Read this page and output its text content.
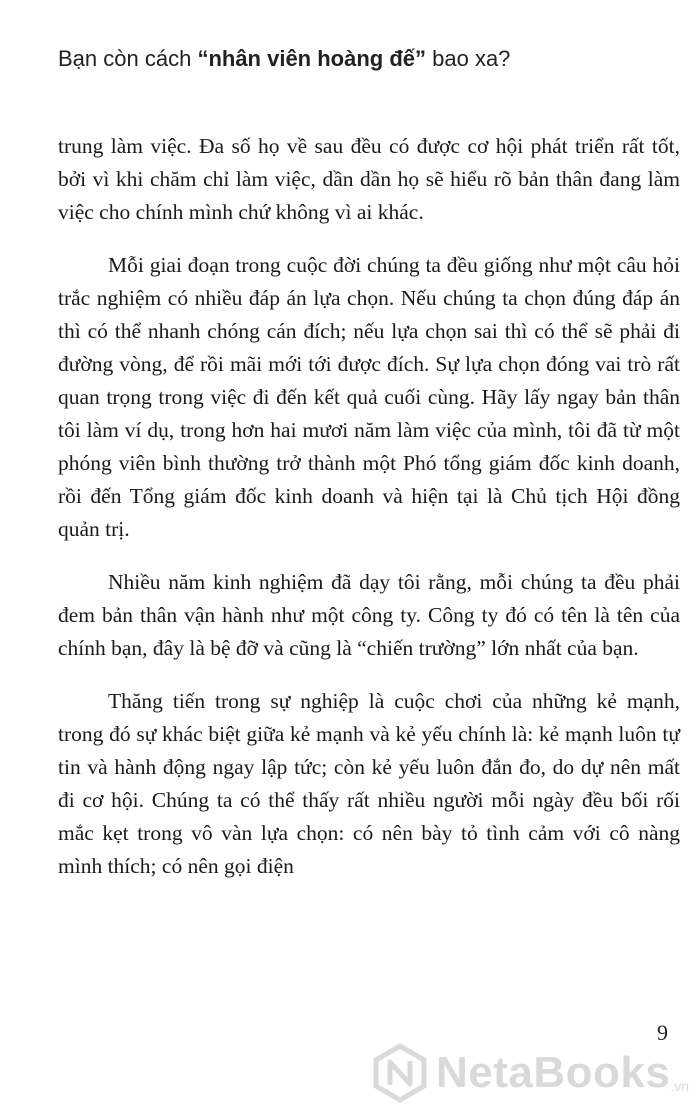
Bạn còn cách “nhân viên hoàng đế” bao xa?

trung làm việc. Đa số họ về sau đều có được cơ hội phát triển rất tốt, bởi vì khi chăm chỉ làm việc, dần dần họ sẽ hiểu rõ bản thân đang làm việc cho chính mình chứ không vì ai khác.

Mỗi giai đoạn trong cuộc đời chúng ta đều giống như một câu hỏi trắc nghiệm có nhiều đáp án lựa chọn. Nếu chúng ta chọn đúng đáp án thì có thể nhanh chóng cán đích; nếu lựa chọn sai thì có thể sẽ phải đi đường vòng, để rồi mãi mới tới được đích. Sự lựa chọn đóng vai trò rất quan trọng trong việc đi đến kết quả cuối cùng. Hãy lấy ngay bản thân tôi làm ví dụ, trong hơn hai mươi năm làm việc của mình, tôi đã từ một phóng viên bình thường trở thành một Phó tổng giám đốc kinh doanh, rồi đến Tổng giám đốc kinh doanh và hiện tại là Chủ tịch Hội đồng quản trị.

Nhiều năm kinh nghiệm đã dạy tôi rằng, mỗi chúng ta đều phải đem bản thân vận hành như một công ty. Công ty đó có tên là tên của chính bạn, đây là bệ đỡ và cũng là “chiến trường” lớn nhất của bạn.

Thăng tiến trong sự nghiệp là cuộc chơi của những kẻ mạnh, trong đó sự khác biệt giữa kẻ mạnh và kẻ yếu chính là: kẻ mạnh luôn tự tin và hành động ngay lập tức; còn kẻ yếu luôn đắn đo, do dự nên mất đi cơ hội. Chúng ta có thể thấy rất nhiều người mỗi ngày đều bối rối mắc kẹt trong vô vàn lựa chọn: có nên bày tỏ tình cảm với cô nàng mình thích; có nên gọi điện

9
NetaBooks .vn
